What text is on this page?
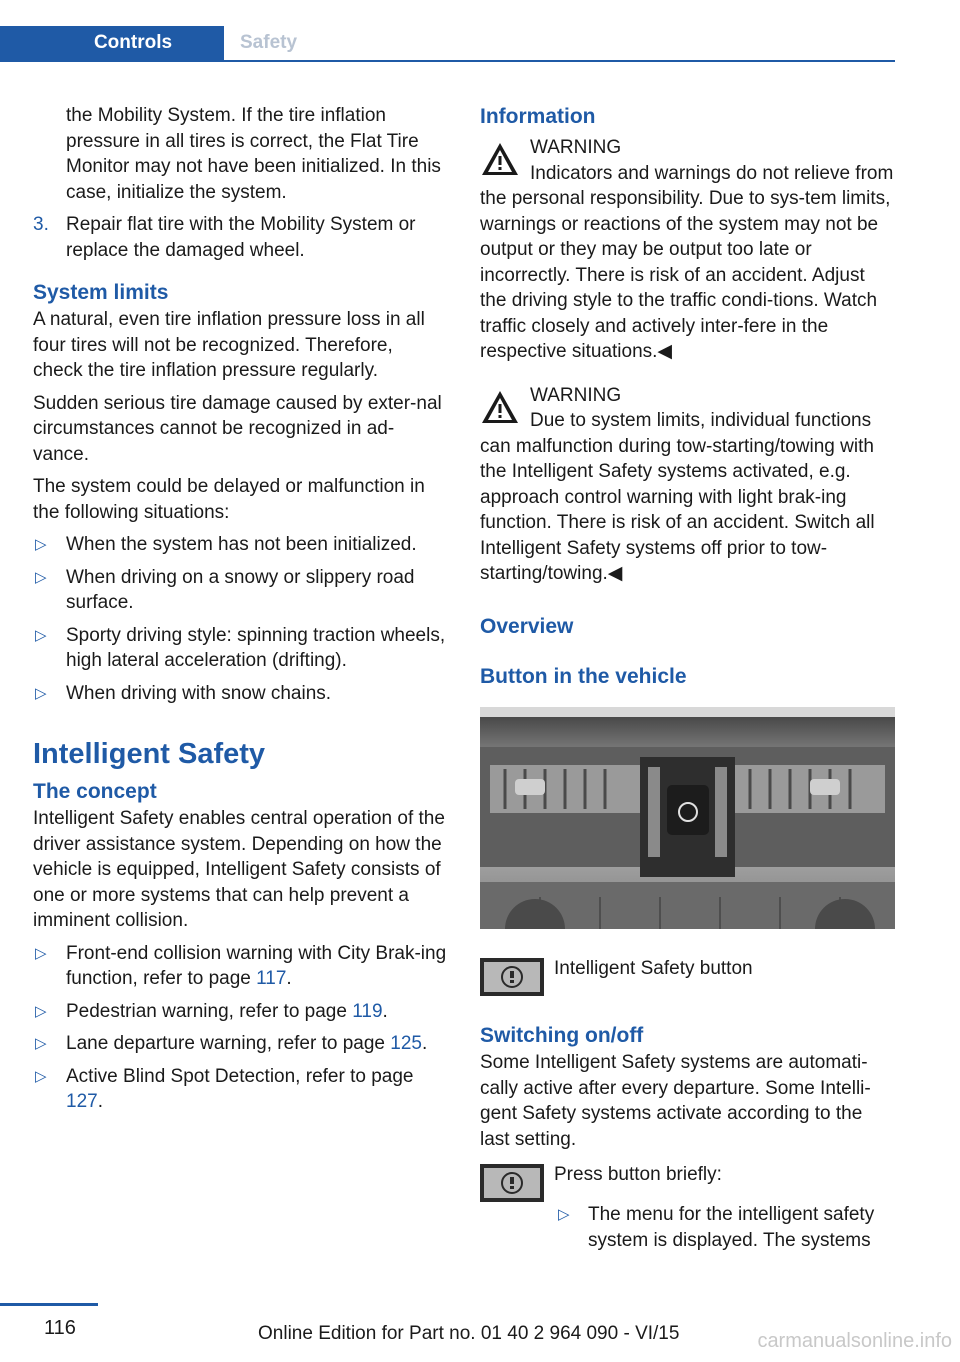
Controls	Safety

the Mobility System. If the tire inflation pressure in all tires is correct, the Flat Tire Monitor may not have been initialized. In this case, initialize the system.

3. Repair flat tire with the Mobility System or replace the damaged wheel.
System limits

A natural, even tire inflation pressure loss in all four tires will not be recognized. Therefore, check the tire inflation pressure regularly.

Sudden serious tire damage caused by exter‐nal circumstances cannot be recognized in ad‐vance.

The system could be delayed or malfunction in the following situations:

▷ When the system has not been initialized.
▷ When driving on a snowy or slippery road surface.
▷ Sporty driving style: spinning traction wheels, high lateral acceleration (drifting).
▷ When driving with snow chains.
Intelligent Safety
The concept

Intelligent Safety enables central operation of the driver assistance system. Depending on how the vehicle is equipped, Intelligent Safety consists of one or more systems that can help prevent a imminent collision.

▷ Front-end collision warning with City Brak‐ing function, refer to page 117.
▷ Pedestrian warning, refer to page 119.
▷ Lane departure warning, refer to page 125.
▷ Active Blind Spot Detection, refer to page 127.
Information
WARNING
Indicators and warnings do not relieve from the personal responsibility. Due to sys‐tem limits, warnings or reactions of the system may not be output or they may be output too late or incorrectly. There is risk of an accident. Adjust the driving style to the traffic condi‐tions. Watch traffic closely and actively inter‐fere in the respective situations.◀
WARNING
Due to system limits, individual functions can malfunction during tow-starting/towing with the Intelligent Safety systems activated, e.g. approach control warning with light brak‐ing function. There is risk of an accident. Switch all Intelligent Safety systems off prior to tow-starting/towing.◀
Overview
Button in the vehicle
Intelligent Safety button
Switching on/off

Some Intelligent Safety systems are automati‐cally active after every departure. Some Intelli‐gent Safety systems activate according to the last setting.

Press button briefly:
▷ The menu for the intelligent safety system is displayed. The systems
116	Online Edition for Part no. 01 40 2 964 090 - VI/15	carmanualsonline.info
